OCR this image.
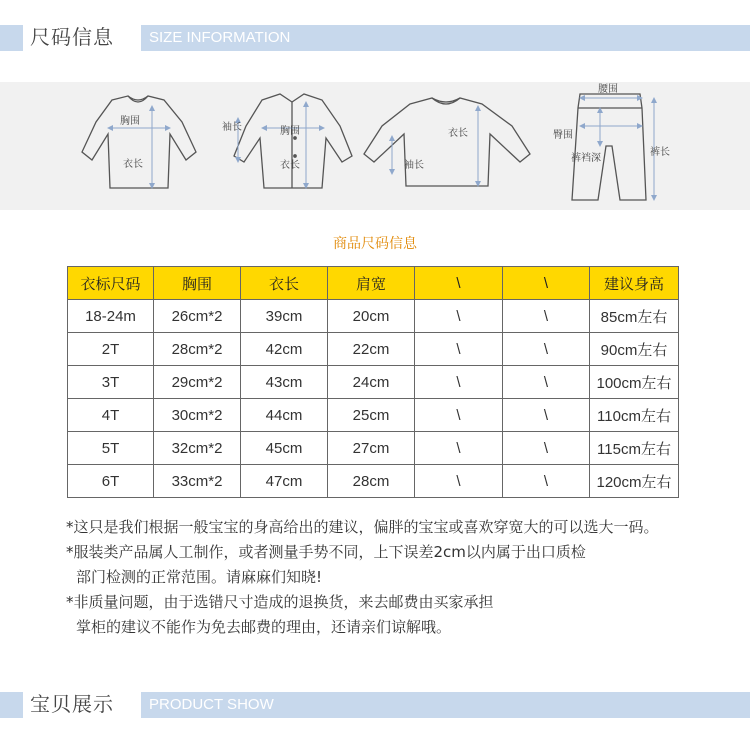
尺码信息 SIZE INFORMATION
胸围
衣长
袖长	胸围
衣长
衣长
袖长
腰围
臀围
裤裆深
裤长
商品尺码信息
衣标尺码	胸围	衣长	肩宽	\	\	建议身高
18-24m	26cm*2	39cm	20cm	\	\	85cm左右
2T	28cm*2	42cm	22cm	\	\	90cm左右
3T	29cm*2	43cm	24cm	\	\	100cm左右
4T	30cm*2	44cm	25cm	\	\	110cm左右
5T	32cm*2	45cm	27cm	\	\	115cm左右
6T	33cm*2	47cm	28cm	\	\	120cm左右

*这只是我们根据一般宝宝的身高给出的建议，偏胖的宝宝或喜欢穿宽大的可以选大一码。

*服装类产品属人工制作，或者测量手势不同，上下误差2cm以内属于出口质检

部门检测的正常范围。请麻麻们知晓!

*非质量问题，由于选错尺寸造成的退换货，来去邮费由买家承担

掌柜的建议不能作为免去邮费的理由，还请亲们谅解哦。

宝贝展示 PRODUCT SHOW
